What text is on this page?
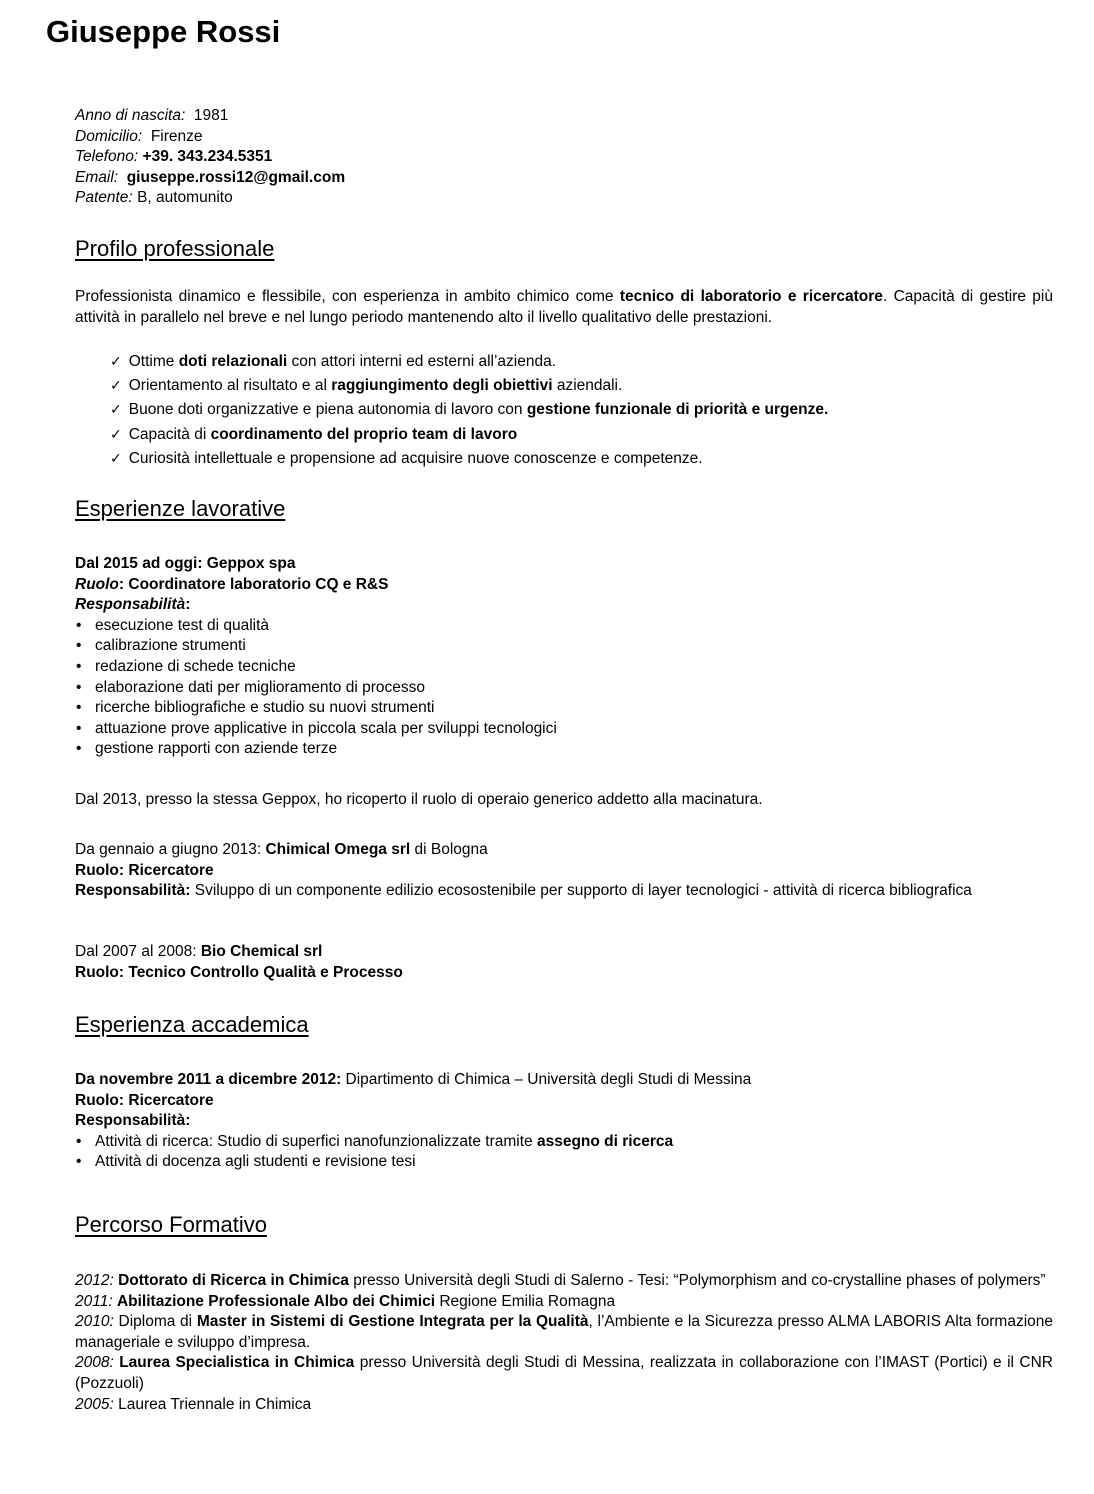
Giuseppe Rossi
Anno di nascita: 1981
Domicilio: Firenze
Telefono: +39. 343.234.5351
Email: giuseppe.rossi12@gmail.com
Patente: B, automunito
Profilo professionale
Professionista dinamico e flessibile, con esperienza in ambito chimico come tecnico di laboratorio e ricercatore. Capacità di gestire più attività in parallelo nel breve e nel lungo periodo mantenendo alto il livello qualitativo delle prestazioni.
✓ Ottime doti relazionali con attori interni ed esterni all’azienda.
✓ Orientamento al risultato e al raggiungimento degli obiettivi aziendali.
✓ Buone doti organizzative e piena autonomia di lavoro con gestione funzionale di priorità e urgenze.
✓ Capacità di coordinamento del proprio team di lavoro
✓ Curiosità intellettuale e propensione ad acquisire nuove conoscenze e competenze.
Esperienze lavorative
Dal 2015 ad oggi: Geppox spa
Ruolo: Coordinatore laboratorio CQ e R&S
Responsabilità:
• esecuzione test di qualità
• calibrazione strumenti
• redazione di schede tecniche
• elaborazione dati per miglioramento di processo
• ricerche bibliografiche e studio su nuovi strumenti
• attuazione prove applicative in piccola scala per sviluppi tecnologici
• gestione rapporti con aziende terze
Dal 2013, presso la stessa Geppox, ho ricoperto il ruolo di operaio generico addetto alla macinatura.
Da gennaio a giugno 2013: Chimical Omega srl di Bologna
Ruolo: Ricercatore
Responsabilità: Sviluppo di un componente edilizio ecosostenibile per supporto di layer tecnologici - attività di ricerca bibliografica
Dal 2007 al 2008: Bio Chemical srl
Ruolo: Tecnico Controllo Qualità e Processo
Esperienza accademica
Da novembre 2011 a dicembre 2012: Dipartimento di Chimica – Università degli Studi di Messina
Ruolo: Ricercatore
Responsabilità:
• Attività di ricerca: Studio di superfici nanofunzionalizzate tramite assegno di ricerca
• Attività di docenza agli studenti e revisione tesi
Percorso Formativo

2012: Dottorato di Ricerca in Chimica presso Università degli Studi di Salerno - Tesi: “Polymorphism and co-crystalline phases of polymers”

2011: Abilitazione Professionale Albo dei Chimici Regione Emilia Romagna

2010: Diploma di Master in Sistemi di Gestione Integrata per la Qualità, l’Ambiente e la Sicurezza presso ALMA LABORIS Alta formazione manageriale e sviluppo d’impresa.

2008: Laurea Specialistica in Chimica presso Università degli Studi di Messina, realizzata in collaborazione con l’IMAST (Portici) e il CNR (Pozzuoli)

2005: Laurea Triennale in Chimica
